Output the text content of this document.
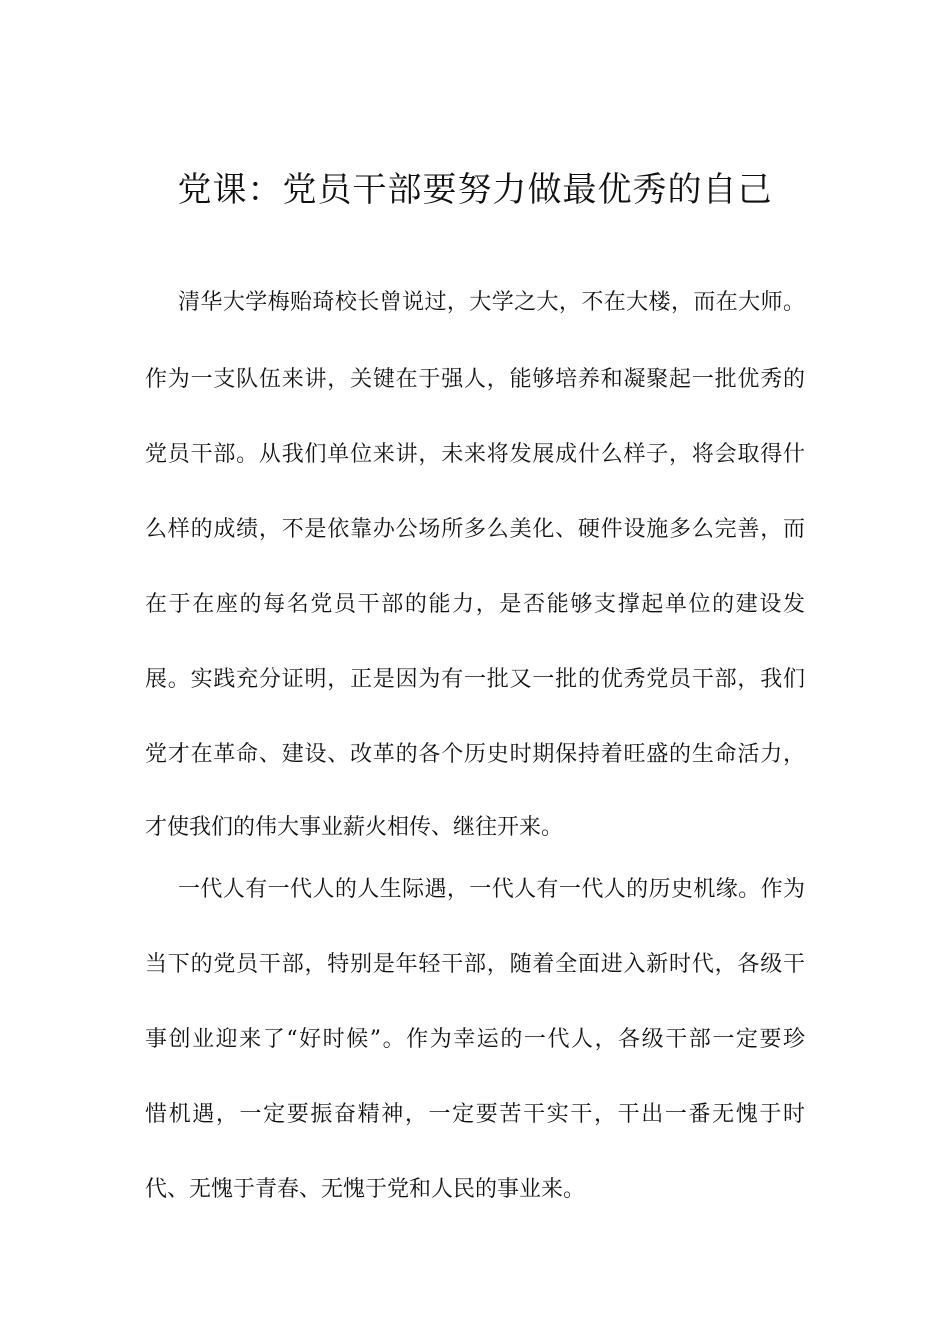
党课：党员干部要努力做最优秀的自己
清华大学梅贻琦校长曾说过，大学之大，不在大楼，而在大师。
作为一支队伍来讲，关键在于强人，能够培养和凝聚起一批优秀的
党员干部。从我们单位来讲，未来将发展成什么样子，将会取得什
么样的成绩，不是依靠办公场所多么美化、硬件设施多么完善，而
在于在座的每名党员干部的能力，是否能够支撑起单位的建设发
展。实践充分证明，正是因为有一批又一批的优秀党员干部，我们
党才在革命、建设、改革的各个历史时期保持着旺盛的生命活力，
才使我们的伟大事业薪火相传、继往开来。
一代人有一代人的人生际遇，一代人有一代人的历史机缘。作为
当下的党员干部，特别是年轻干部，随着全面进入新时代，各级干
事创业迎来了“好时候”。作为幸运的一代人，各级干部一定要珍
惜机遇，一定要振奋精神，一定要苦干实干，干出一番无愧于时
代、无愧于青春、无愧于党和人民的事业来。
